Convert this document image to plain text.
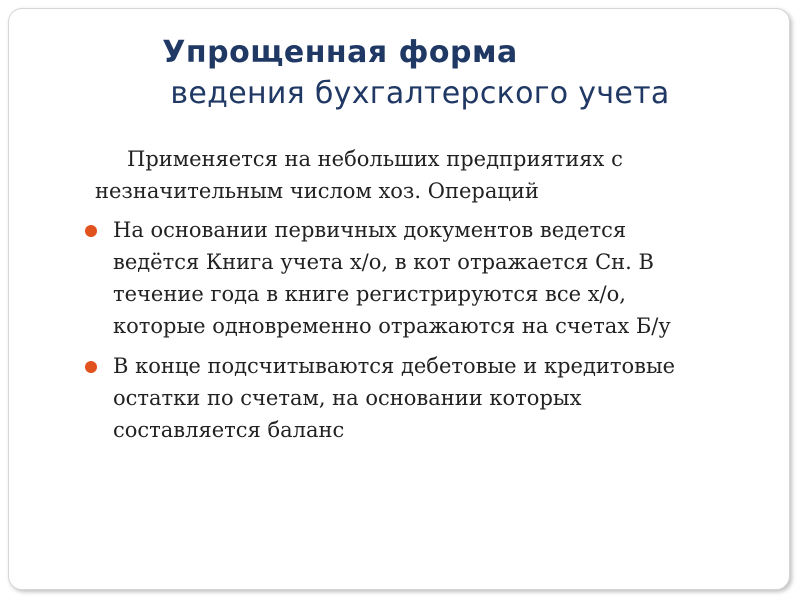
Упрощенная форма
ведения бухгалтерского учета

Применяется на небольших предприятиях с
незначительным числом хоз. Операций

На основании первичных документов ведется
ведётся Книга учета х/о, в кот отражается Сн. В
течение года в книге регистрируются все х/о,
которые одновременно отражаются на счетах Б/у
В конце подсчитываются дебетовые и кредитовые
остатки по счетам, на основании которых
составляется баланс
